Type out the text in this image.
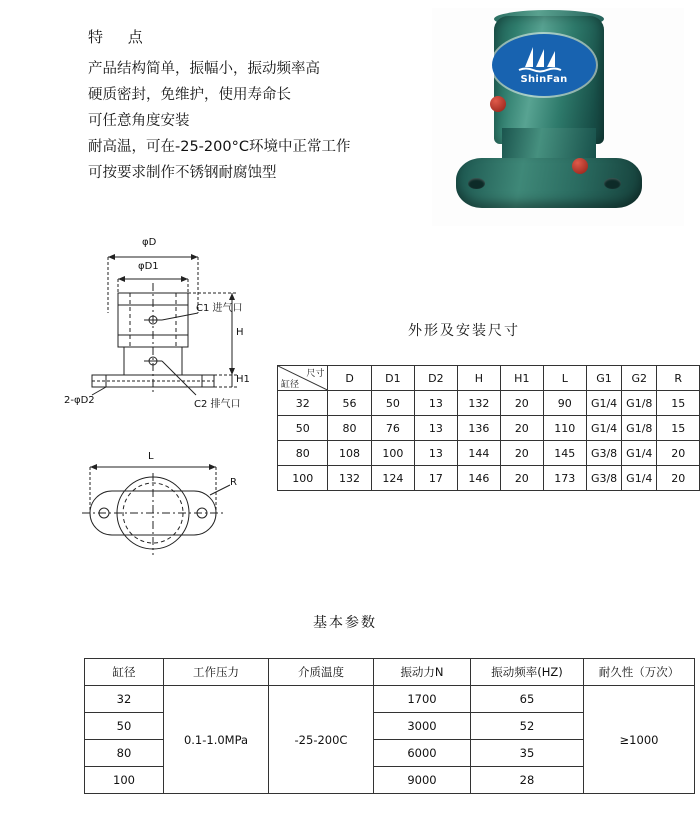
特 点
产品结构简单，振幅小，振动频率高
硬质密封，免维护，使用寿命长
可任意角度安装
耐高温，可在-25-200°C环境中正常工作
可按要求制作不锈钢耐腐蚀型
ShinFan
φD
φD1
C1 进气口
C2 排气口
2-φD2
H
H1
L
R
外形及安装尺寸
尺寸
缸径	D	D1	D2	H	H1	L	G1	G2	R
32	56	50	13	132	20	90	G1/4	G1/8	15
50	80	76	13	136	20	110	G1/4	G1/8	15
80	108	100	13	144	20	145	G3/8	G1/4	20
100	132	124	17	146	20	173	G3/8	G1/4	20
基本参数
缸径	工作压力	介质温度	振动力N	振动频率(HZ)	耐久性（万次）
32	0.1-1.0MPa	-25-200C	1700	65	≥1000
50			3000	52	
80			6000	35	
100			9000	28	
